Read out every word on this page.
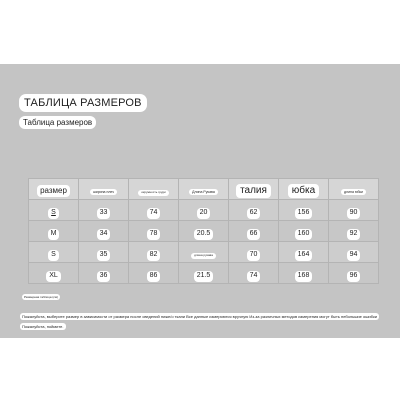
ТАБЛИЦА РАЗМЕРОВ
Таблица размеров
размер	ширина плеч	окружность груди	Длина Рукава	талия	юбка	длина юбки
S	33	74	20	62	156	90
M	34	78	20.5	66	160	92
S	35	82	длина рукава	70	164	94
XL	36	86	21.5	74	168	96
Размерная таблица (см)
Пожалуйста, выберите размер в зависимости от размера после сведений ниже/о ткани Все данные измеряются вручную Из-за различных методов измерения могут быть небольшие ошибки Пожалуйста, поймите.
